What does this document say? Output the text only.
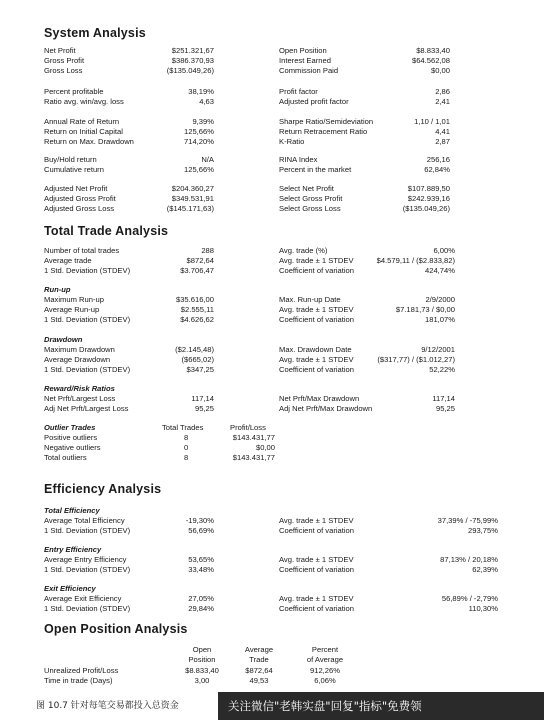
System Analysis
Net Profit	$251.321,67	Open Position	$8.833,40
Gross Profit	$386.370,93	Interest Earned	$64.562,08
Gross Loss	($135.049,26)	Commission Paid	$0,00
Percent profitable	38,19%	Profit factor	2,86
Ratio avg. win/avg. loss	4,63	Adjusted profit factor	2,41
Annual Rate of Return	9,39%	Sharpe Ratio/Semideviation	1,10 / 1,01
Return on Initial Capital	125,66%	Return Retracement Ratio	4,41
Return on Max. Drawdown	714,20%	K-Ratio	2,87
Buy/Hold return	N/A	RINA Index	256,16
Cumulative return	125,66%	Percent in the market	62,84%
Adjusted Net Profit	$204.360,27	Select Net Profit	$107.889,50
Adjusted Gross Profit	$349.531,91	Select Gross Profit	$242.939,16
Adjusted Gross Loss	($145.171,63)	Select Gross Loss	($135.049,26)
Total Trade Analysis
Number of total trades	288	Avg. trade (%)	6,00%
Average trade	$872,64	Avg. trade ± 1 STDEV	$4.579,11 / ($2.833,82)
1 Std. Deviation (STDEV)	$3.706,47	Coefficient of variation	424,74%
Run-up
Maximum Run-up	$35.616,00	Max. Run-up Date	2/9/2000
Average Run-up	$2.555,11	Avg. trade ± 1 STDEV	$7.181,73 / $0,00
1 Std. Deviation (STDEV)	$4.626,62	Coefficient of variation	181,07%
Drawdown
Maximum Drawdown	($2.145,48)	Max. Drawdown Date	9/12/2001
Average Drawdown	($665,02)	Avg. trade ± 1 STDEV	($317,77) / ($1.012,27)
1 Std. Deviation (STDEV)	$347,25	Coefficient of variation	52,22%
Reward/Risk Ratios
Net Prft/Largest Loss	117,14	Net Prft/Max Drawdown	117,14
Adj Net Prft/Largest Loss	95,25	Adj Net Prft/Max Drawdown	95,25
Outlier Trades	Total Trades	Profit/Loss
Positive outliers	8	$143.431,77
Negative outliers	0	$0,00
Total outliers	8	$143.431,77
Efficiency Analysis
Total Efficiency
Average Total Efficiency	-19,30%	Avg. trade ± 1 STDEV	37,39% / -75,99%
1 Std. Deviation (STDEV)	56,69%	Coefficient of variation	293,75%
Entry Efficiency
Average Entry Efficiency	53,65%	Avg. trade ± 1 STDEV	87,13% / 20,18%
1 Std. Deviation (STDEV)	33,48%	Coefficient of variation	62,39%
Exit Efficiency
Average Exit Efficiency	27,05%	Avg. trade ± 1 STDEV	56,89% / -2,79%
1 Std. Deviation (STDEV)	29,84%	Coefficient of variation	110,30%
Open Position Analysis
Open	Average	Percent
Position	Trade	of Average
Unrealized Profit/Loss	$8.833,40	$872,64	912,26%
Time in trade (Days)	3,00	49,53	6,06%
图 10.7 针对每笔交易都投入总资金	关注微信"老韩实盘"回复"指标"免费领
